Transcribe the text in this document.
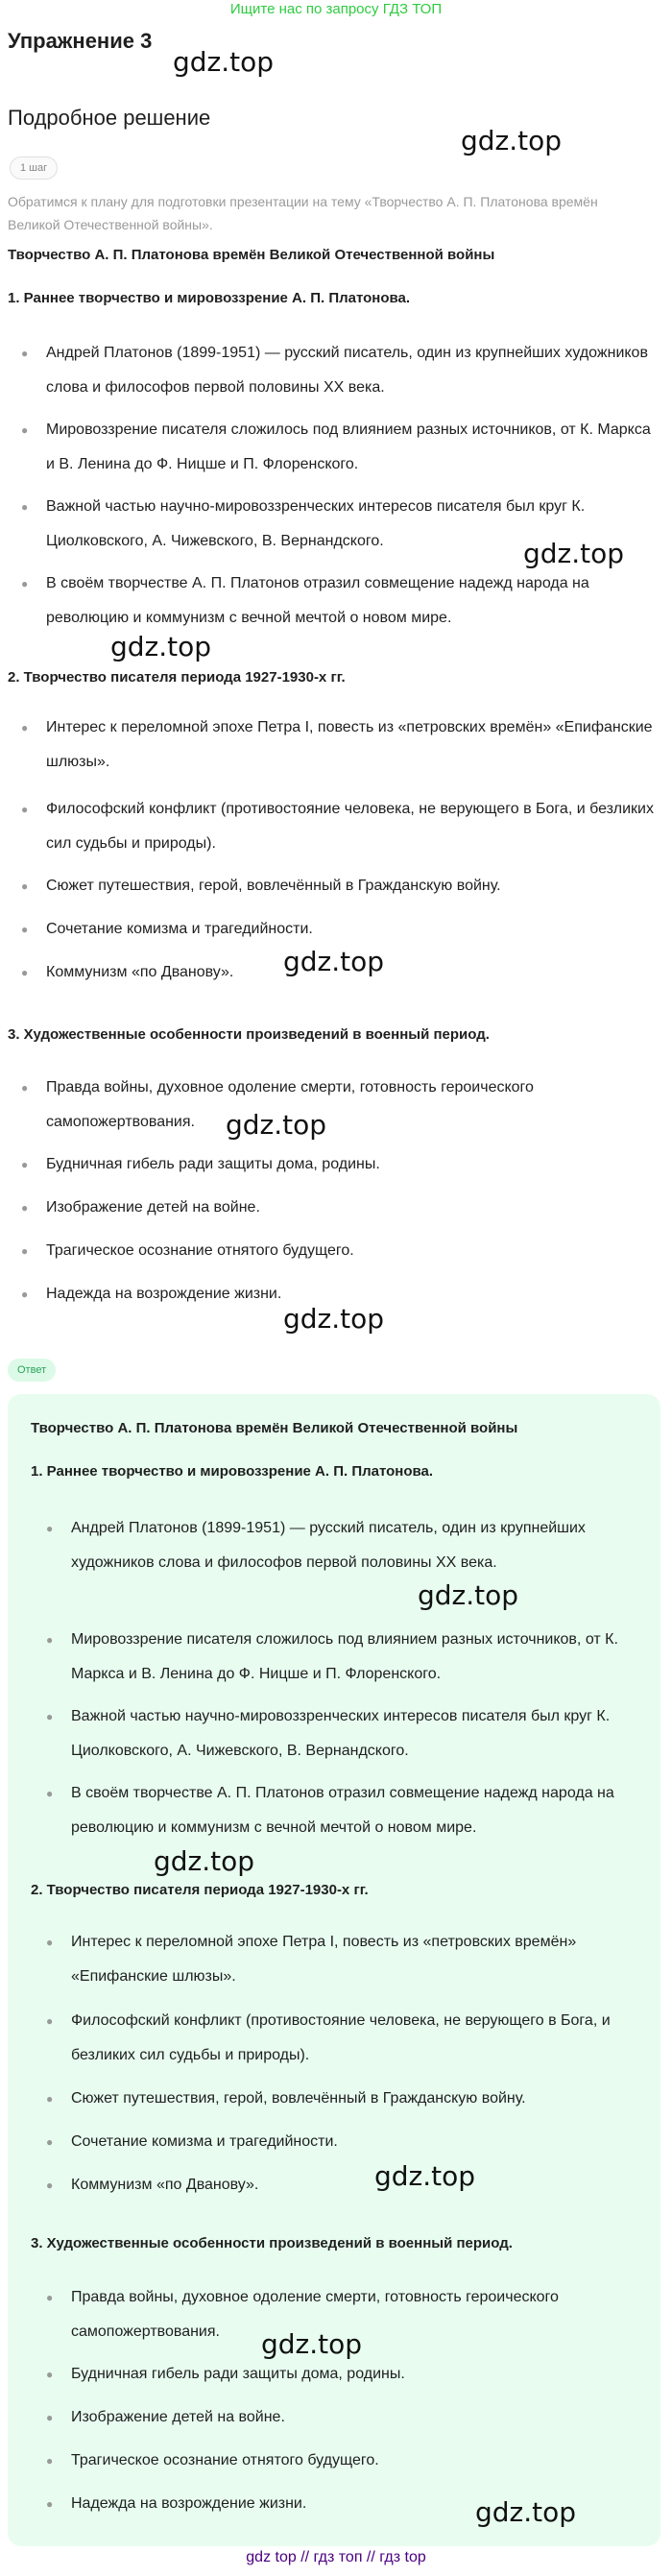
Ищите нас по запросу ГДЗ ТОП
Упражнение 3
Подробное решение
1 шаг
Обратимся к плану для подготовки презентации на тему «Творчество А. П. Платонова времён Великой Отечественной войны».
Творчество А. П. Платонова времён Великой Отечественной войны
1. Раннее творчество и мировоззрение А. П. Платонова.
●	Андрей Платонов (1899-1951) — русский писатель, один из крупнейших художников слова и философов первой половины XX века.
●	Мировоззрение писателя сложилось под влиянием разных источников, от К. Маркса и В. Ленина до Ф. Ницше и П. Флоренского.
●	Важной частью научно-мировоззренческих интересов писателя был круг К. Циолковского, А. Чижевского, В. Вернандского.
●	В своём творчестве А. П. Платонов отразил совмещение надежд народа на революцию и коммунизм с вечной мечтой о новом мире.
2. Творчество писателя периода 1927-1930-х гг.
●	Интерес к переломной эпохе Петра I, повесть из «петровских времён» «Епифанские шлюзы».
●	Философский конфликт (противостояние человека, не верующего в Бога, и безликих сил судьбы и природы).
●	Сюжет путешествия, герой, вовлечённый в Гражданскую войну.
●	Сочетание комизма и трагедийности.
●	Коммунизм «по Дванову».
3. Художественные особенности произведений в военный период.
●	Правда войны, духовное одоление смерти, готовность героического самопожертвования.
●	Будничная гибель ради защиты дома, родины.
●	Изображение детей на войне.
●	Трагическое осознание отнятого будущего.
●	Надежда на возрождение жизни.
Ответ
Творчество А. П. Платонова времён Великой Отечественной войны
1. Раннее творчество и мировоззрение А. П. Платонова.
●	Андрей Платонов (1899-1951) — русский писатель, один из крупнейших художников слова и философов первой половины XX века.
●	Мировоззрение писателя сложилось под влиянием разных источников, от К. Маркса и В. Ленина до Ф. Ницше и П. Флоренского.
●	Важной частью научно-мировоззренческих интересов писателя был круг К. Циолковского, А. Чижевского, В. Вернандского.
●	В своём творчестве А. П. Платонов отразил совмещение надежд народа на революцию и коммунизм с вечной мечтой о новом мире.
2. Творчество писателя периода 1927-1930-х гг.
●	Интерес к переломной эпохе Петра I, повесть из «петровских времён» «Епифанские шлюзы».
●	Философский конфликт (противостояние человека, не верующего в Бога, и безликих сил судьбы и природы).
●	Сюжет путешествия, герой, вовлечённый в Гражданскую войну.
●	Сочетание комизма и трагедийности.
●	Коммунизм «по Дванову».
3. Художественные особенности произведений в военный период.
●	Правда войны, духовное одоление смерти, готовность героического самопожертвования.
●	Будничная гибель ради защиты дома, родины.
●	Изображение детей на войне.
●	Трагическое осознание отнятого будущего.
●	Надежда на возрождение жизни.
gdz.top
gdz.top
gdz.top
gdz.top
gdz.top
gdz.top
gdz.top
gdz.top
gdz.top
gdz.top
gdz.top
gdz.top
gdz top // гдз топ // гдз top
